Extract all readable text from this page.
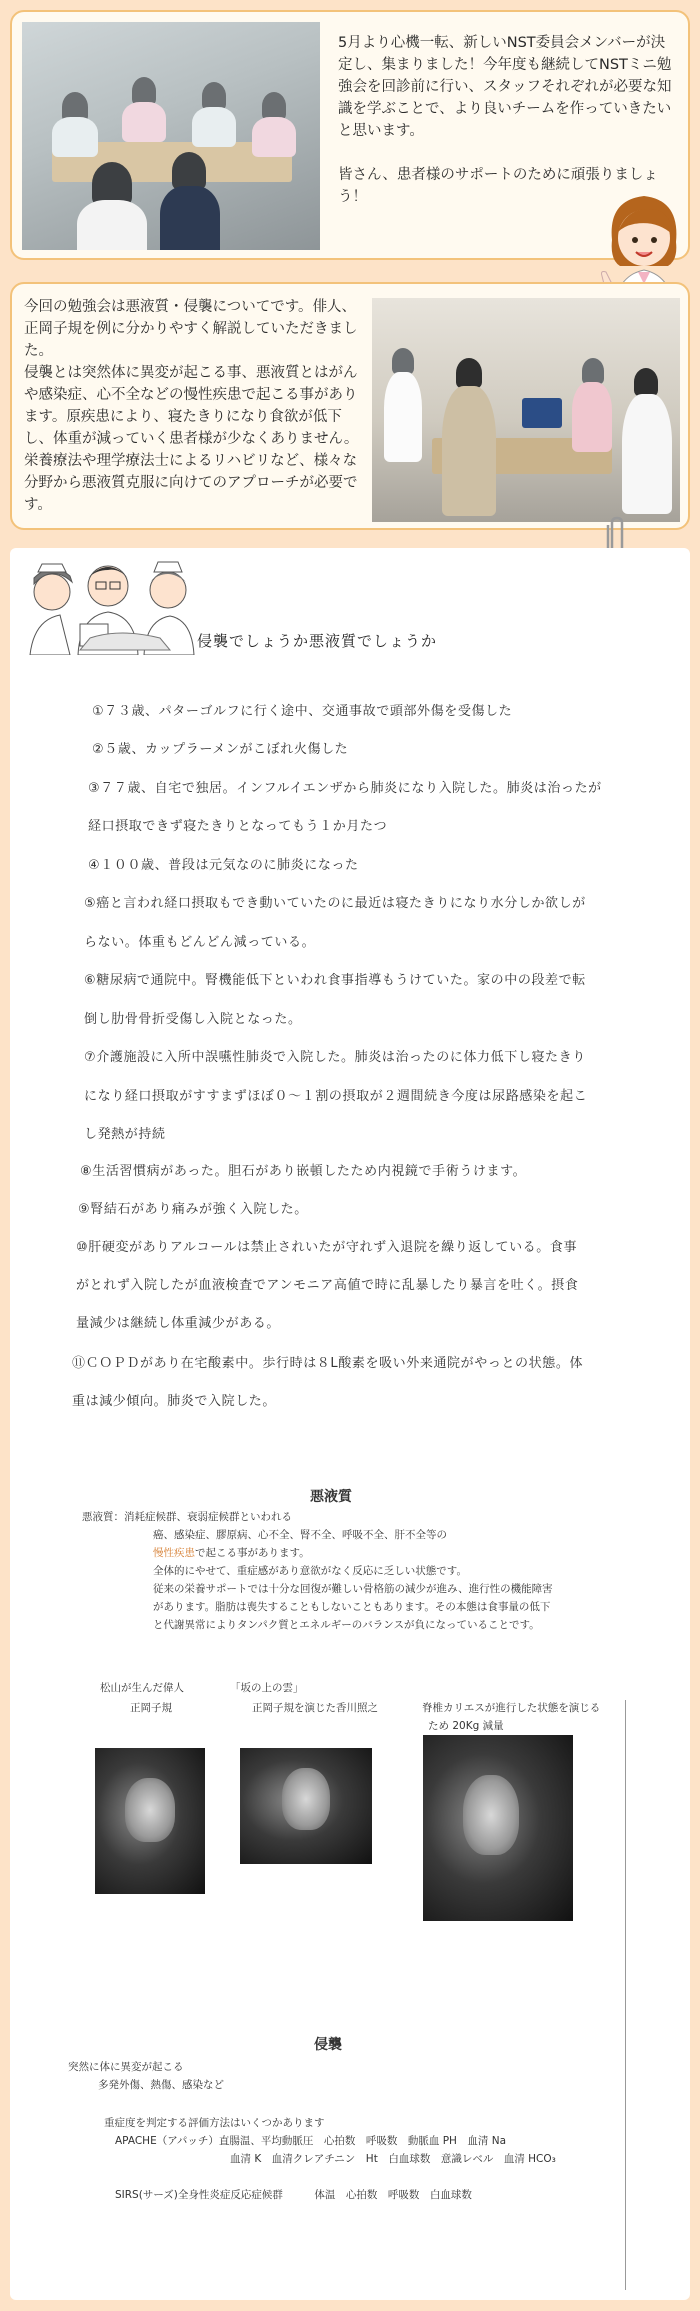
5月より心機一転、新しいNST委員会メンバーが決定し、集まりました！今年度も継続してNSTミニ勉強会を回診前に行い、スタッフそれぞれが必要な知識を学ぶことで、より良いチームを作っていきたいと思います。

皆さん、患者様のサポートのために頑張りましょう！

今回の勉強会は悪液質・侵襲についてです。俳人、正岡子規を例に分かりやすく解説していただきました。

侵襲とは突然体に異変が起こる事、悪液質とはがんや感染症、心不全などの慢性疾患で起こる事があります。原疾患により、寝たきりになり食欲が低下し、体重が減っていく患者様が少なくありません。

栄養療法や理学療法士によるリハビリなど、様々な分野から悪液質克服に向けてのアプローチが必要です。

侵襲でしょうか悪液質でしょうか
①７３歳、パターゴルフに行く途中、交通事故で頭部外傷を受傷した
②５歳、カップラーメンがこぼれ火傷した
③７７歳、自宅で独居。インフルイエンザから肺炎になり入院した。肺炎は治ったが
経口摂取できず寝たきりとなってもう１か月たつ
④１００歳、普段は元気なのに肺炎になった
⑤癌と言われ経口摂取もでき動いていたのに最近は寝たきりになり水分しか欲しが
らない。体重もどんどん減っている。
⑥糖尿病で通院中。腎機能低下といわれ食事指導もうけていた。家の中の段差で転
倒し肋骨骨折受傷し入院となった。
⑦介護施設に入所中誤嚥性肺炎で入院した。肺炎は治ったのに体力低下し寝たきり
になり経口摂取がすすまずほぼ０～１割の摂取が２週間続き今度は尿路感染を起こ
し発熱が持続
⑧生活習慣病があった。胆石があり嵌頓したため内視鏡で手術うけます。
⑨腎結石があり痛みが強く入院した。
⑩肝硬変がありアルコールは禁止されいたが守れず入退院を繰り返している。食事
がとれず入院したが血液検査でアンモニア高値で時に乱暴したり暴言を吐く。摂食
量減少は継続し体重減少がある。
⑪ＣＯＰＤがあり在宅酸素中。歩行時は８L酸素を吸い外来通院がやっとの状態。体
重は減少傾向。肺炎で入院した。
悪液質
悪液質：消耗症候群、衰弱症候群といわれる
癌、感染症、膠原病、心不全、腎不全、呼吸不全、肝不全等の
慢性疾患で起こる事があります。
全体的にやせて、重症感があり意欲がなく反応に乏しい状態です。
従来の栄養サポートでは十分な回復が難しい骨格筋の減少が進み、進行性の機能障害
があります。脂肪は喪失することもしないこともあります。その本態は食事量の低下
と代謝異常によりタンパク質とエネルギーのバランスが負になっていることです。
松山が生んだ偉人
正岡子規
「坂の上の雲」
正岡子規を演じた香川照之	脊椎カリエスが進行した状態を演じる
ため 20Kg 減量
侵襲
突然に体に異変が起こる
多発外傷、熱傷、感染など
重症度を判定する評価方法はいくつかあります
APACHE（アパッチ）直腸温、平均動脈圧　心拍数　呼吸数　動脈血 PH　血清 Na
血清 K　血清クレアチニン　Ht　白血球数　意識レベル　血清 HCO₃
SIRS(サーズ)全身性炎症反応症候群　　　体温　心拍数　呼吸数　白血球数
